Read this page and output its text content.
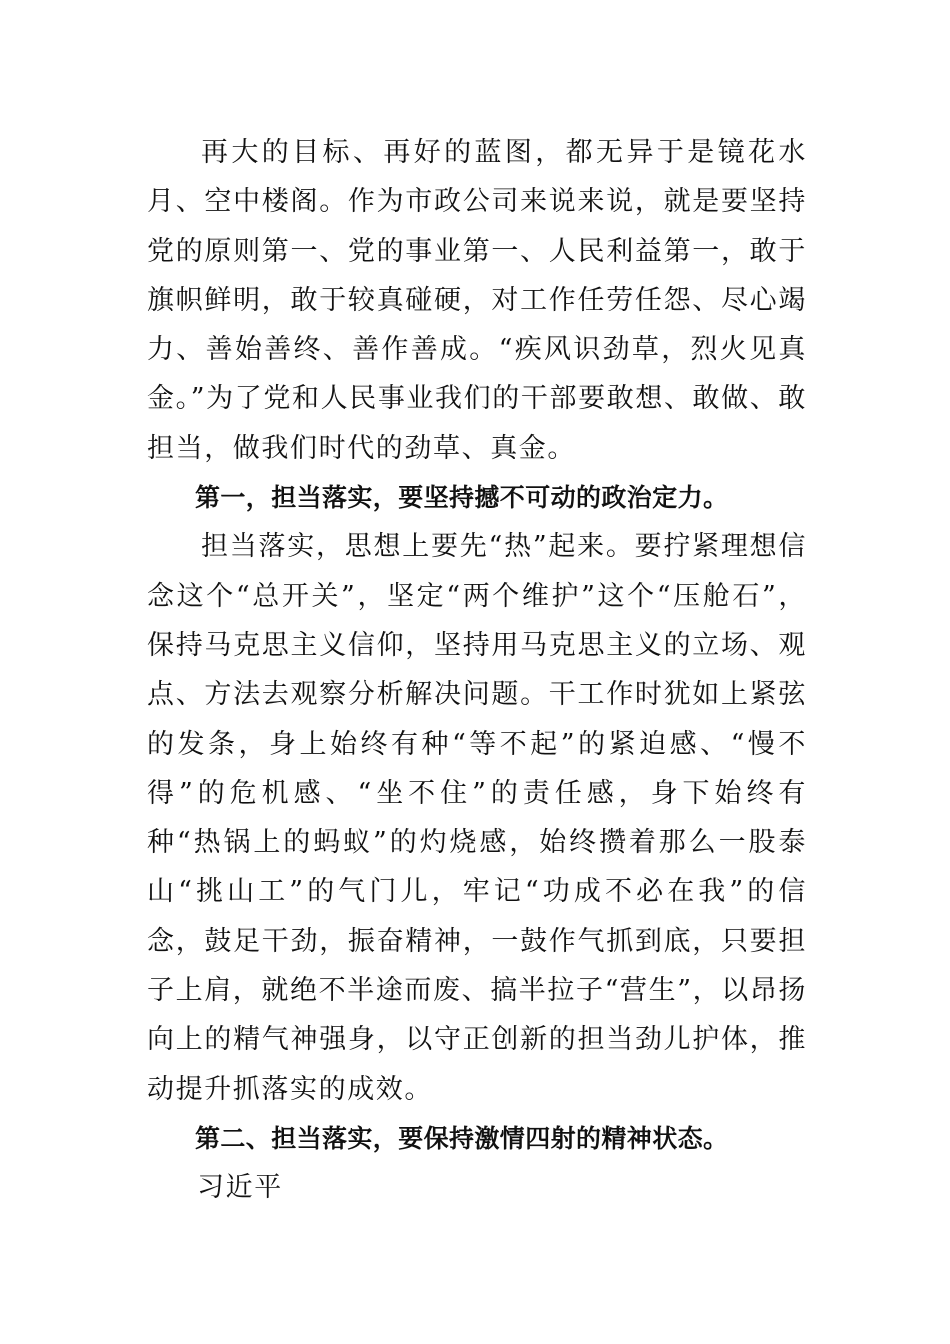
再大的目标、再好的蓝图，都无异于是镜花水月、空中楼阁。作为市政公司来说来说，就是要坚持党的原则第一、党的事业第一、人民利益第一，敢于旗帜鲜明，敢于较真碰硬，对工作任劳任怨、尽心竭力、善始善终、善作善成。“疾风识劲草，烈火见真金。”为了党和人民事业我们的干部要敢想、敢做、敢担当，做我们时代的劲草、真金。

第一，担当落实，要坚持撼不可动的政治定力。

担当落实，思想上要先“热”起来。要拧紧理想信念这个“总开关”，坚定“两个维护”这个“压舱石”，保持马克思主义信仰，坚持用马克思主义的立场、观点、方法去观察分析解决问题。干工作时犹如上紧弦的发条，身上始终有种“等不起”的紧迫感、“慢不得”的危机感、“坐不住”的责任感，身下始终有种“热锅上的蚂蚁”的灼烧感，始终攒着那么一股泰山“挑山工”的气门儿，牢记“功成不必在我”的信念，鼓足干劲，振奋精神，一鼓作气抓到底，只要担子上肩，就绝不半途而废、搞半拉子“营生”，以昂扬向上的精气神强身，以守正创新的担当劲儿护体，推动提升抓落实的成效。

第二、担当落实，要保持激情四射的精神状态。

习近平
